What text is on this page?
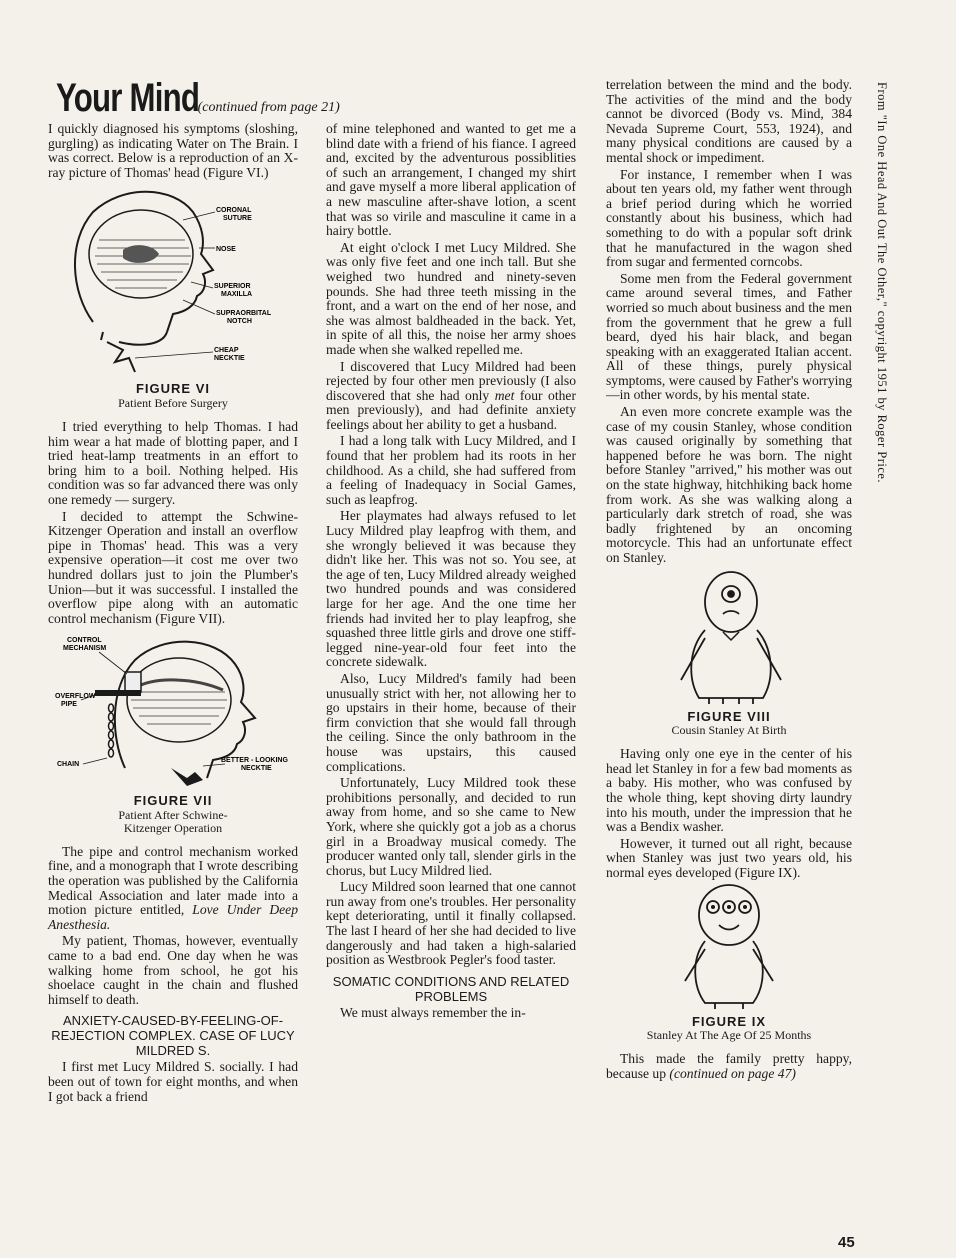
Your Mind (continued from page 21)

I quickly diagnosed his symptoms (sloshing, gurgling) as indicating Water on The Brain. I was correct. Below is a reproduction of an X-ray picture of Thomas' head (Figure VI.)

CORONAL
SUTURE
NOSE
SUPERIOR
MAXILLA
SUPRAORBITAL
NOTCH
CHEAP
NECKTIE
FIGURE VI
Patient Before Surgery

I tried everything to help Thomas. I had him wear a hat made of blotting paper, and I tried heat-lamp treatments in an effort to bring him to a boil. Nothing helped. His condition was so far advanced there was only one remedy — surgery.

I decided to attempt the Schwine-Kitzenger Operation and install an overflow pipe in Thomas' head. This was a very expensive operation—it cost me over two hundred dollars just to join the Plumber's Union—but it was successful. I installed the overflow pipe along with an automatic control mechanism (Figure VII).

CONTROL
MECHANISM
OVERFLOW
PIPE
CHAIN
BETTER - LOOKING
NECKTIE
FIGURE VII
Patient After Schwine-
Kitzenger Operation

The pipe and control mechanism worked fine, and a monograph that I wrote describing the operation was published by the California Medical Association and later made into a motion picture entitled, Love Under Deep Anesthesia.

My patient, Thomas, however, eventually came to a bad end. One day when he was walking home from school, he got his shoelace caught in the chain and flushed himself to death.

ANXIETY-CAUSED-BY-FEELING-OF-REJECTION COMPLEX. CASE OF LUCY MILDRED S.

I first met Lucy Mildred S. socially. I had been out of town for eight months, and when I got back a friend

of mine telephoned and wanted to get me a blind date with a friend of his fiance. I agreed and, excited by the adventurous possiblities of such an arrangement, I changed my shirt and gave myself a more liberal application of a new masculine after-shave lotion, a scent that was so virile and masculine it came in a hairy bottle.

At eight o'clock I met Lucy Mildred. She was only five feet and one inch tall. But she weighed two hundred and ninety-seven pounds. She had three teeth missing in the front, and a wart on the end of her nose, and she was almost baldheaded in the back. Yet, in spite of all this, the noise her army shoes made when she walked repelled me.

I discovered that Lucy Mildred had been rejected by four other men previously (I also discovered that she had only met four other men previously), and had definite anxiety feelings about her ability to get a husband.

I had a long talk with Lucy Mildred, and I found that her problem had its roots in her childhood. As a child, she had suffered from a feeling of Inadequacy in Social Games, such as leapfrog.

Her playmates had always refused to let Lucy Mildred play leapfrog with them, and she wrongly believed it was because they didn't like her. This was not so. You see, at the age of ten, Lucy Mildred already weighed two hundred pounds and was considered large for her age. And the one time her friends had invited her to play leapfrog, she squashed three little girls and drove one stiff-legged nine-year-old four feet into the concrete sidewalk.

Also, Lucy Mildred's family had been unusually strict with her, not allowing her to go upstairs in their home, because of their firm conviction that she would fall through the ceiling. Since the only bathroom in the house was upstairs, this caused complications.

Unfortunately, Lucy Mildred took these prohibitions personally, and decided to run away from home, and so she came to New York, where she quickly got a job as a chorus girl in a Broadway musical comedy. The producer wanted only tall, slender girls in the chorus, but Lucy Mildred lied.

Lucy Mildred soon learned that one cannot run away from one's troubles. Her personality kept deteriorating, until it finally collapsed. The last I heard of her she had decided to live dangerously and had taken a high-salaried position as Westbrook Pegler's food taster.

SOMATIC CONDITIONS AND RELATED PROBLEMS

We must always remember the in-

terrelation between the mind and the body. The activities of the mind and the body cannot be divorced (Body vs. Mind, 384 Nevada Supreme Court, 553, 1924), and many physical conditions are caused by a mental shock or impediment.

For instance, I remember when I was about ten years old, my father went through a brief period during which he worried constantly about his business, which had something to do with a popular soft drink that he manufactured in the wagon shed from sugar and fermented corncobs.

Some men from the Federal government came around several times, and Father worried so much about business and the men from the government that he grew a full beard, dyed his hair black, and began speaking with an exaggerated Italian accent. All of these things, purely physical symptoms, were caused by Father's worrying—in other words, by his mental state.

An even more concrete example was the case of my cousin Stanley, whose condition was caused originally by something that happened before he was born. The night before Stanley "arrived," his mother was out on the state highway, hitchhiking back home from work. As she was walking along a particularly dark stretch of road, she was badly frightened by an oncoming motorcycle. This had an unfortunate effect on Stanley.

FIGURE VIII
Cousin Stanley At Birth

Having only one eye in the center of his head let Stanley in for a few bad moments as a baby. His mother, who was confused by the whole thing, kept shoving dirty laundry into his mouth, under the impression that he was a Bendix washer.

However, it turned out all right, because when Stanley was just two years old, his normal eyes developed (Figure IX).

FIGURE IX
Stanley At The Age Of 25 Months

This made the family pretty happy, because up (continued on page 47)

From "In One Head And Out The Other," copyright 1951 by Roger Price.
45
